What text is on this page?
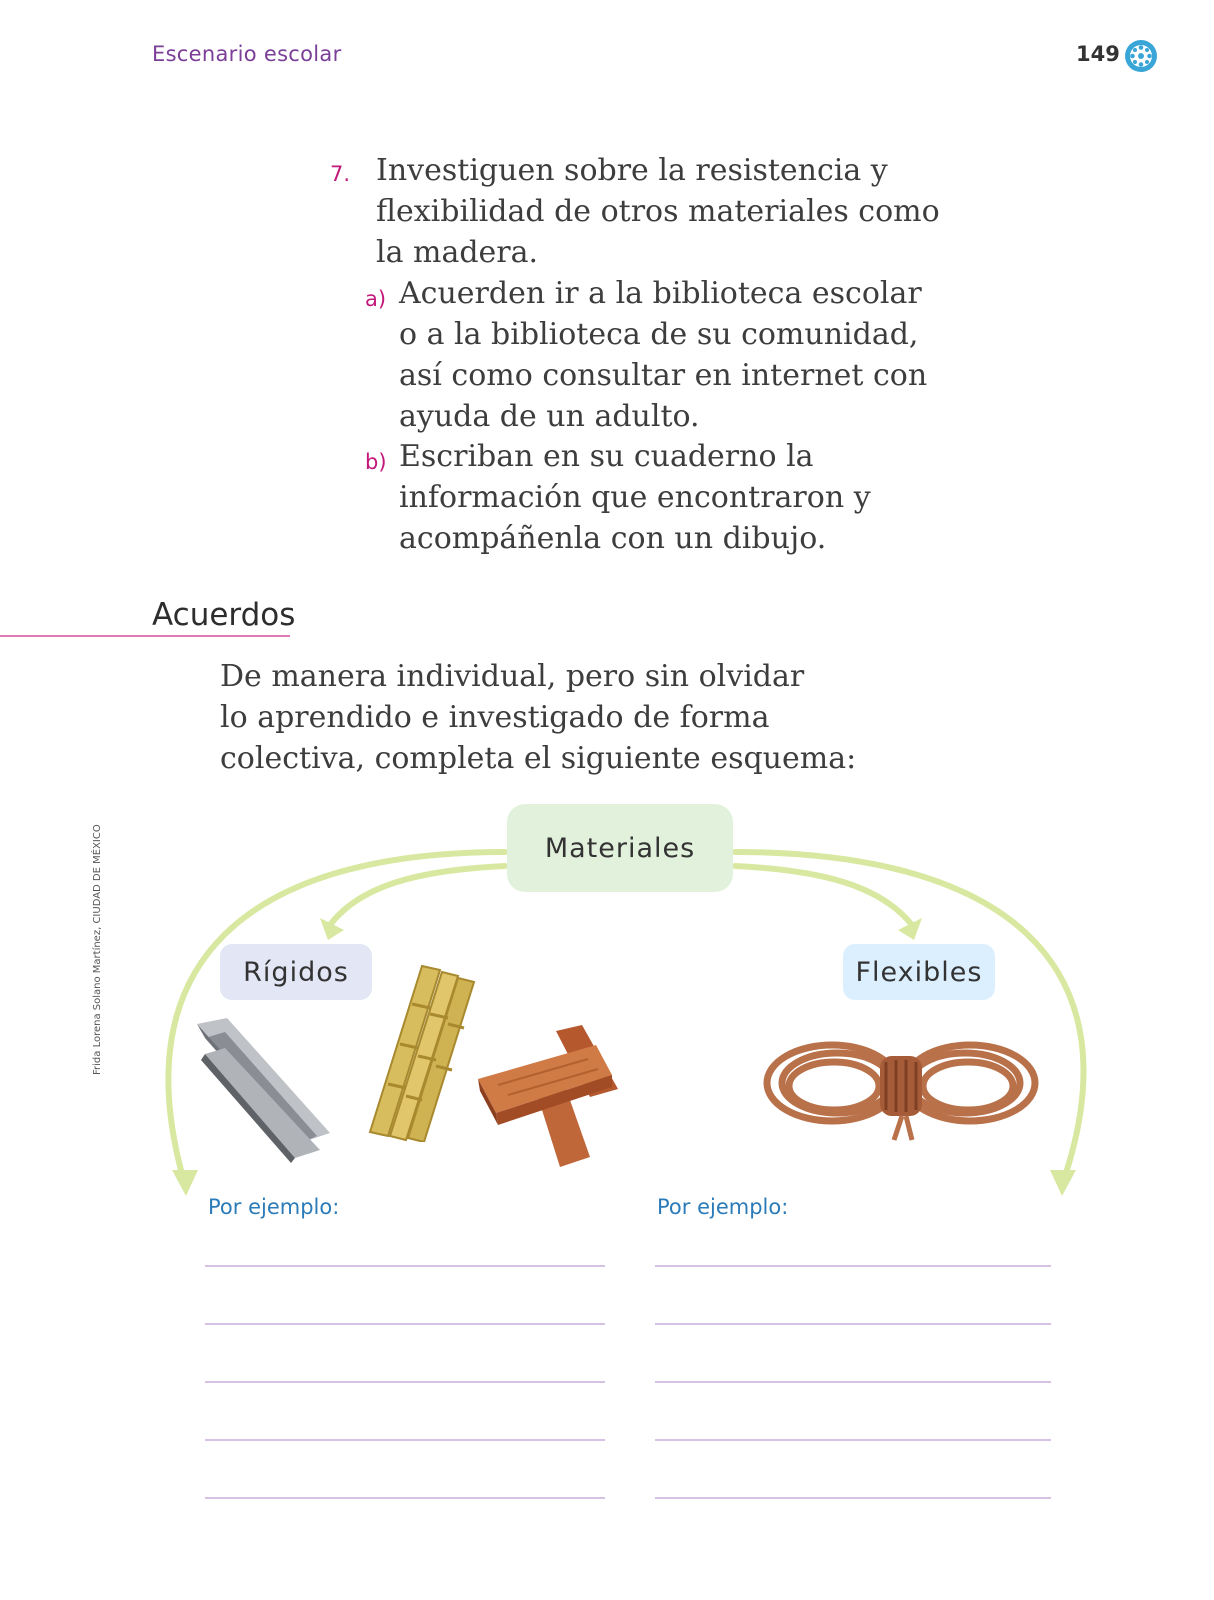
Escenario escolar	149
7. Investiguen sobre la resistencia y
flexibilidad de otros materiales como
la madera.
a) Acuerden ir a la biblioteca escolar
o a la biblioteca de su comunidad,
así como consultar en internet con
ayuda de un adulto.
b) Escriban en su cuaderno la
información que encontraron y
acompáñenla con un dibujo.
Acuerdos
De manera individual, pero sin olvidar
lo aprendido e investigado de forma
colectiva, completa el siguiente esquema:
Materiales
Rígidos	Flexibles
Por ejemplo:	Por ejemplo:
Frida Lorena Solano Martínez, CIUDAD DE MÉXICO
